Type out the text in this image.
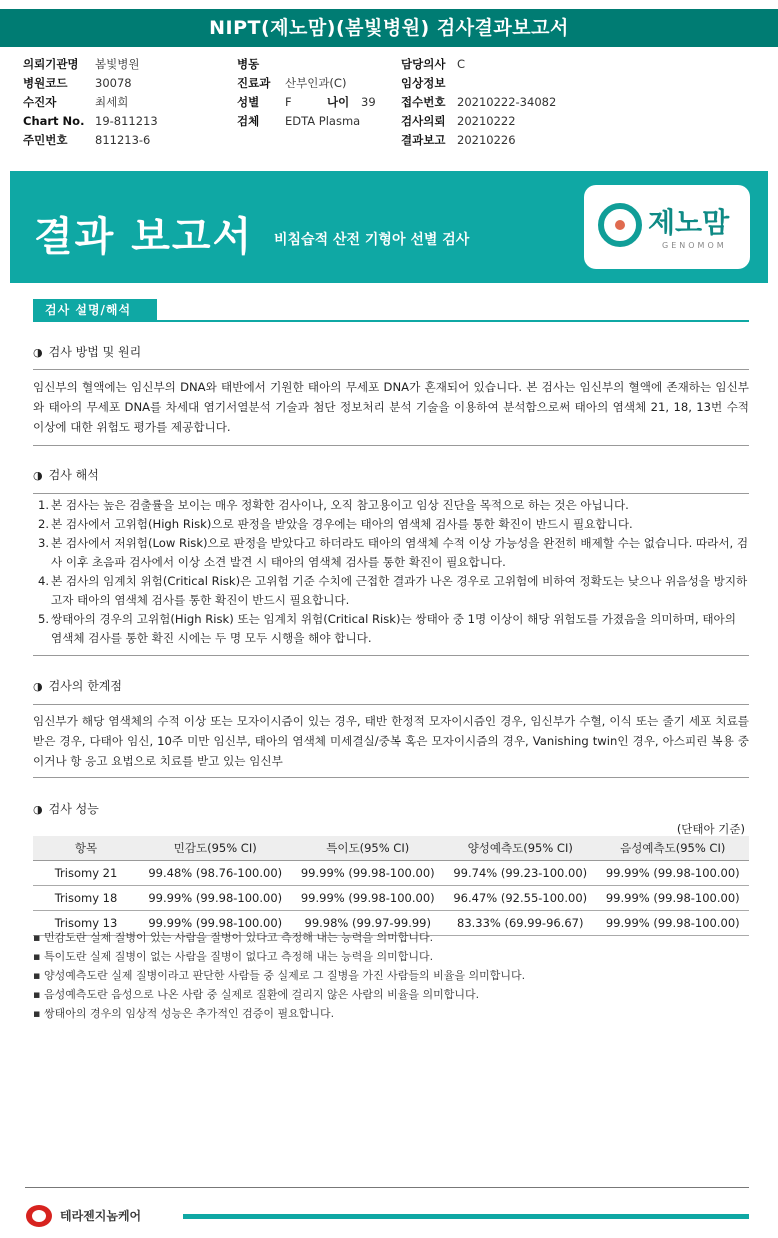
NIPT(제노맘)(봄빛병원) 검사결과보고서
의뢰기관명 봄빛병원
병원코드 30078
수진자	최세희
Chart No. 19-811213
주민번호 811213-6
병동
진료과 산부인과(C)
성별 F	나이 39
검체 EDTA Plasma
담당의사 C
임상정보
접수번호 20210222-34082
검사의뢰 20210222
결과보고 20210226
결과 보고서 비침습적 산전 기형아 선별 검사
제노맘
GENOMOM
검사 설명/해석
◑ 검사 방법 및 원리
임신부의 혈액에는 임신부의 DNA와 태반에서 기원한 태아의 무세포 DNA가 혼재되어 있습니다. 본 검사는 임신부의 혈액에 존재하는 임신부와 태아의 무세포 DNA를 차세대 염기서열분석 기술과 첨단 정보처리 분석 기술을 이용하여 분석함으로써 태아의 염색체 21, 18, 13번 수적 이상에 대한 위험도 평가를 제공합니다.
◑ 검사 해석
1. 본 검사는 높은 검출률을 보이는 매우 정확한 검사이나, 오직 참고용이고 임상 진단을 목적으로 하는 것은 아닙니다.
2. 본 검사에서 고위험(High Risk)으로 판정을 받았을 경우에는 태아의 염색체 검사를 통한 확진이 반드시 필요합니다.
3. 본 검사에서 저위험(Low Risk)으로 판정을 받았다고 하더라도 태아의 염색체 수적 이상 가능성을 완전히 배제할 수는 없습니다. 따라서, 검사 이후 초음파 검사에서 이상 소견 발견 시 태아의 염색체 검사를 통한 확진이 필요합니다.
4. 본 검사의 임계치 위험(Critical Risk)은 고위험 기준 수치에 근접한 결과가 나온 경우로 고위험에 비하여 정확도는 낮으나 위음성을 방지하고자 태아의 염색체 검사를 통한 확진이 반드시 필요합니다.
5. 쌍태아의 경우의 고위험(High Risk) 또는 임계치 위험(Critical Risk)는 쌍태아 중 1명 이상이 해당 위험도를 가졌음을 의미하며, 태아의 염색체 검사를 통한 확진 시에는 두 명 모두 시행을 해야 합니다.
◑ 검사의 한계점
임신부가 해당 염색체의 수적 이상 또는 모자이시즘이 있는 경우, 태반 한정적 모자이시즘인 경우, 임신부가 수혈, 이식 또는 줄기 세포 치료를 받은 경우, 다태아 임신, 10주 미만 임신부, 태아의 염색체 미세결실/중복 혹은 모자이시즘의 경우, Vanishing twin인 경우, 아스피린 복용 중이거나 항 응고 요법으로 치료를 받고 있는 임신부
◑ 검사 성능
(단태아 기준)
항목	민감도(95% CI)	특이도(95% CI)	양성예측도(95% CI)	음성예측도(95% CI)
Trisomy 21	99.48% (98.76-100.00)	99.99% (99.98-100.00)	99.74% (99.23-100.00)	99.99% (99.98-100.00)
Trisomy 18	99.99% (99.98-100.00)	99.99% (99.98-100.00)	96.47% (92.55-100.00)	99.99% (99.98-100.00)
Trisomy 13	99.99% (99.98-100.00)	99.98% (99.97-99.99)	83.33% (69.99-96.67)	99.99% (99.98-100.00)
▪ 민감도란 실제 질병이 있는 사람을 질병이 있다고 측정해 내는 능력을 의미합니다.
▪ 특이도란 실제 질병이 없는 사람을 질병이 없다고 측정해 내는 능력을 의미합니다.
▪ 양성예측도란 실제 질병이라고 판단한 사람들 중 실제로 그 질병을 가진 사람들의 비율을 의미합니다.
▪ 음성예측도란 음성으로 나온 사람 중 실제로 질환에 걸리지 않은 사람의 비율을 의미합니다.
▪ 쌍태아의 경우의 임상적 성능은 추가적인 검증이 필요합니다.
테라젠지놈케어
